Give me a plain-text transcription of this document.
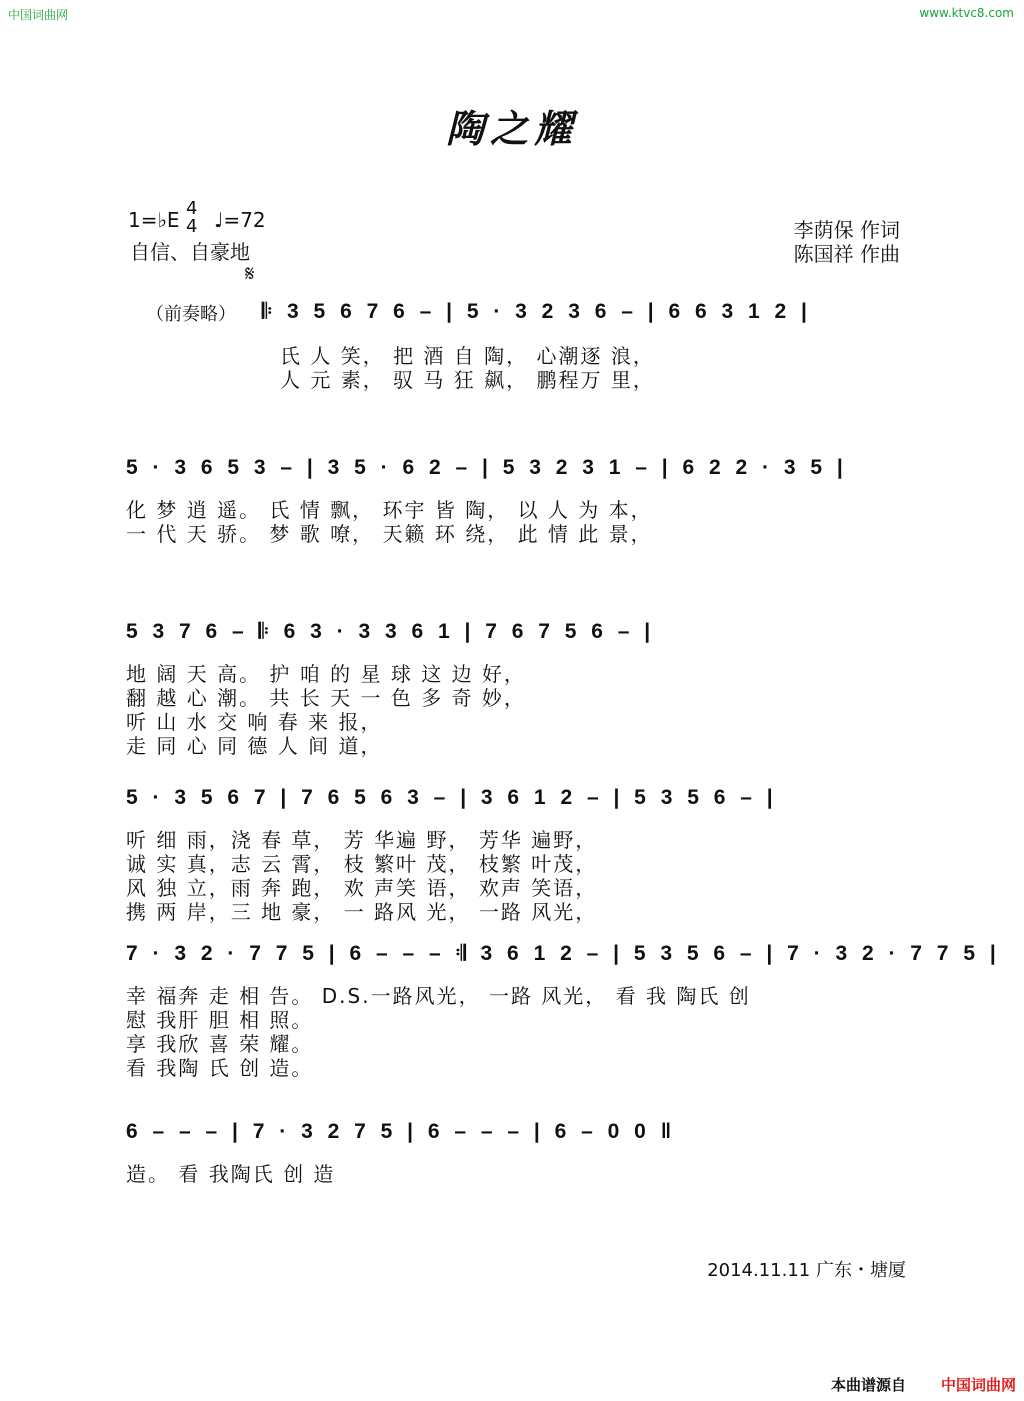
中国词曲网	www.ktvc8.com
陶之耀
1=♭E 4
4 ♩=72
自信、自豪地
李荫保 作词
陈国祥 作曲
𝄋
（前奏略） 𝄆 3 5 6 7 6 – | 5 · 3 2 3 6 – | 6 6 3 1 2 |
氏 人 笑， 把 酒 自 陶， 心潮逐 浪，
人 元 素， 驭 马 狂 飙， 鹏程万 里，
5 · 3 6 5 3 – | 3 5 · 6 2 – | 5 3 2 3 1 – | 6 2 2 · 3 5 |
化 梦 逍 遥。 氏 情 飘， 环宇 皆 陶， 以 人 为 本，
一 代 天 骄。 梦 歌 嘹， 天籁 环 绕， 此 情 此 景，
5 3 7 6 – 𝄆 6 3 · 3 3 6 1 | 7 6 7 5 6 – |
地 阔 天 高。 护 咱 的 星 球 这 边 好，
翻 越 心 潮。 共 长 天 一 色 多 奇 妙，
听 山 水 交 响 春 来 报，
走 同 心 同 德 人 间 道，
5 · 3 5 6 7 | 7 6 5 6 3 – | 3 6 1 2 – | 5 3 5 6 – |
听 细 雨，浇 春 草， 芳 华遍 野， 芳华 遍野，
诚 实 真，志 云 霄， 枝 繁叶 茂， 枝繁 叶茂，
风 独 立，雨 奔 跑， 欢 声笑 语， 欢声 笑语，
携 两 岸，三 地 豪， 一 路风 光， 一路 风光，
7 · 3 2 · 7 7 5 | 6 – – – 𝄇 3 6 1 2 – | 5 3 5 6 – | 7 · 3 2 · 7 7 5 |
幸 福奔 走 相 告。 D.S.一路风光， 一路 风光， 看 我 陶氏 创
慰 我肝 胆 相 照。
享 我欣 喜 荣 耀。
看 我陶 氏 创 造。
6 – – – | 7 · 3 2 7 5 | 6 – – – | 6 – 0 0 ‖
造。 看 我陶氏 创 造
2014.11.11 广东・塘厦
本曲谱源自 中国词曲网
